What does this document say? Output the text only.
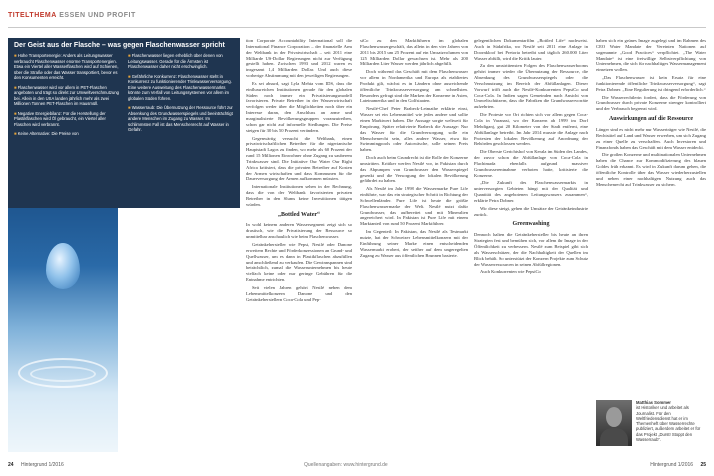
TITELTHEMA ESSEN UND PROFIT
Der Geist aus der Flasche – was gegen Flaschenwasser spricht

■ Hohe Transportenergie: Anders als Leitungswasser verbraucht Flaschenwasser enorme Transportenergien. Etwa ein Viertel aller Wasserflaschen wird auf Schienen, über die Straße oder das Wasser transportiert, bevor es den Konsumenten erreicht.

■ Flaschenwasser wird vor allem in PET-Flaschen angeboten und trägt so direkt zur Umweltverschmutzung bei. Allein in den USA landen jährlich mehr als zwei Millionen Tonnen PET-Flaschen im Hausmüll.

■ Negative Energiebilanz: Für die Herstellung der Plastikflaschen wird Öl gebraucht, ein Viertel aller Flaschen wird verbrannt.

■ Keine Alternative: Die Preise von

■ Flaschenwasser liegen erheblich über denen von Leitungswasser. Gerade für die Ärmsten ist Flaschenwasser daher nicht erschwinglich.

■ Gefährliche Konkurrenz: Flaschenwasser steht in Konkurrenz zu funktionierender Trinkwasserversorgung. Eine weitere Ausweitung des Flaschenwassermarkts könnte zum Verfall von Leitungssystemen vor allem im globalen Süden führen.

■ Wasserraub: Die Übernutzung der Ressource führt zur Absenkung des Grundwasserspiegels und beeinträchtigt andere Menschen im Zugang zu Wasser. Im schlimmsten Fall ist das Menschenrecht auf Wasser in Gefahr.

tion Corporate Accountability International soll die International Finance Corporation – der finanzielle Arm der Weltbank in der Privatwirtschaft – seit 2011 eine Milliarde US-Dollar Regierungen nicht zur Verfügung gestellt haben. Zwischen 1993 und 2012 waren es insgesamt 1,4 Milliarden Dollar. Und auch diese vorherige Abstimmung mit den jeweiligen Regierungen.

Es sei absurd, sagt Lyla Mehta vom IDS, dass die einflussreichen Institutionen gerade für den globalen Süden noch immer ein Privatisierungsmodell favorisieren. Private Betreiber in der Wasserwirtschaft verfolgen weder über die Möglichkeiten noch über ein Interesse daran, den Anschluss an arme und marginalisierte Bevölkerungsgruppen voranzutreiben, schon gar nicht auf informelle Siedlungen. Die Preise steigen für 30 bis 50 Prozent verändern.

Gegenwärtig versucht die Weltbank, einen privatwirtschaftlichen Betreiber für die nigerianische Hauptstadt Lagos zu finden, wo mehr als 60 Prozent der rund 15 Millionen Einwohner ohne Zugang zu sauberem Trinkwasser sind. Die Initiative Our Water Our Right Africa kritisiert, dass die privaten Betreiber auf Kosten der Armen wirtschaften und dass Kommunen für die Dauerversorgung der Armen aufkommen müssten.

Internationale Institutionen sehen in der Rechnung, dass die von der Weltbank favorisierten privaten Betreiber in den Slums keine Investitionen tätigen würden.

„Bottled Water“

In wohl keinem anderen Wassersegment zeigt sich so drastisch, wie die Privatisierung der Ressource so unmittelbar anschaulich wie beim Flaschenwasser.

Getränkehersteller wie Pepsi, Nestlé oder Danone erweitern Rechte und Förderkonzessionen an Grund- und Quellwasser, um es dann in Plastikflaschen abzufüllen und anschließend zu verkaufen. Die Gewinnspannen sind beträchtlich, zumal die Wasserunternehmen bis heute vielfach keine oder nur geringe Gebühren für die Entnahme entrichten.

Seit vielen Jahren gehört Nestlé neben dem Lebensmittelkonzern Danone und den Getränkeherstellern Coca-Cola und Pep-

siCo zu den Marktführern im globalen Flaschenwassergeschäft, das allein in den vier Jahren von 2011 bis 2015 um 25 Prozent auf ein Umsatzvolumen von 125 Milliarden Dollar gewachsen ist. Mehr als 200 Milliarden Liter Wasser werden jährlich abgefüllt.

Doch während das Geschäft mit dem Flaschenwasser vor allem in Nordamerika und Europa als etabliertes Produkt gilt, wächst es in Ländern ohne ausreichende öffentliche Trinkwasserversorgung am schnellsten. Besonders gefragt sind die Marken der Konzerne in Asien, Lateinamerika und in den Golfstaaten.

Nestlé-Chef Peter Brabeck-Letmathe erklärte einst, Wasser sei ein Lebensmittel wie jedes andere und sollte einen Marktwert haben. Die Aussage sorgte weltweit für Empörung. Später relativierte Brabeck die Aussage: Nur das Wasser für die Grundversorgung solle ein Menschenrecht sein, alles andere Wasser, etwa für Swimmingpools oder Autowäsche, solle seinen Preis haben.

Doch auch beim Grundrecht ist die Rolle der Konzerne umstritten. Kritiker werfen Nestlé vor, in Pakistan durch das Abpumpen von Grundwasser den Wasserspiegel gesenkt und die Versorgung der lokalen Bevölkerung gefährdet zu haben.

Als Nestlé im Jahr 1998 die Wassermarke Pure Life einführte, war das ein strategischer Schritt in Richtung der Schwellenländer. Pure Life ist heute die größte Flaschenwassermarke der Welt. Nestlé nutzt dafür Grundwasser, das aufbereitet und mit Mineralien angereichert wird. In Pakistan ist Pure Life mit einem Marktanteil von rund 50 Prozent Marktführer.

Im Gegenteil: In Pakistan, das Nestlé als Testmarkt nutzte, hat der Schweizer Lebensmittelkonzern mit der Einführung seiner Marke einen entscheidenden Wassermarkt erobert, der seither auf dem ungeregelten Zugang zu Wasser aus öffentlichen Brunnen basierte.

gelegentlichen Dokumentarfilm „Bottled Life“ nachweist. Auch in Südafrika, wo Nestlé seit 2011 eine Anlage in Doornkloof bei Pretoria betreibt und täglich 260.000 Liter Wasser abfüllt, wird die Kritik lauter.

Zu den umstrittensten Folgen des Flaschenwasserbooms gehört immer wieder die Übernutzung der Ressource, die Absenkung des Grundwasserspiegels oder die Verschmutzung im Bereich der Abfüllanlagen. Dieser Vorwurf trifft auch die Nestlé-Konkurrenten PepsiCo und Coca-Cola. In Indien sagen Gemeinden nach Ansicht von Umweltschützern, dass die Fabriken die Grundwasservorräte aufzehrten.

Die Proteste vor Ort richten sich vor allem gegen Coca-Cola in Varanasi, wo der Konzern ab 1999 im Dorf Mehdiganj, gut 20 Kilometer von der Stadt entfernt, eine Abfüllanlage betreibt. Im Jahr 2014 musste die Anlage nach Protesten der lokalen Bevölkerung auf Anordnung der Behörden geschlossen werden.

Die Oberste Gerichtshof von Kerala im Süden des Landes, der zuvor schon die Abfüllanlage von Coca-Cola in Plachimada ebenfalls aufgrund massiver Grundwasserentnahme verboten hatte, kritisierte die Konzerne.

„Die Zukunft des Flaschenwassermarkts in unterversorgten Gebieten hängt mit der Qualität und Quantität des angebotenen Leitungswassers zusammen“, erklärte Petra Dobner.

Wir diese steigt, gehen die Umsätze der Getränkeindustrie zurück.

Greenwashing

Dennoch halten die Getränkehersteller bis heute an ihren Strategien fest und bemühen sich, vor allem ihr Image in der Öffentlichkeit zu verbessern. Nestlé zum Beispiel gibt sich als Wasserschützer, der die Nachhaltigkeit der Quellen im Blick behält. So unterstützt der Konzern Projekte zum Schutz der Wasserressourcen in seinen Abfüllregionen.

Auch Konkurrenten wie PepsiCo

haben sich ein grünes Image zugelegt und im Rahmen des CEO Water Mandate der Vereinten Nationen auf sogenannte „Good Practices“ verpflichtet. „The Water Mandate“ ist eine freiwillige Selbstverpflichtung von Unternehmen, die sich für nachhaltiges Wassermanagement einsetzen wollen.

„Das Flaschenwasser ist kein Ersatz für eine funktionierende öffentliche Trinkwasserversorgung“, sagt Petra Dobner. „Eine Regulierung ist dringend erforderlich.“

Die Wasserrechtlerin fordert, dass die Förderung von Grundwasser durch private Konzerne strenger kontrolliert und der Verbrauch begrenzt wird.

Auswirkungen auf die Ressource

Länger sind es nicht mehr nur Wasserträger wie Nestlé, die Rechtstitel auf Land und Wasser erwerben, um sich Zugang zu einer Quelle zu verschaffen. Auch Investoren und Finanzfonds haben das Geschäft mit dem Wasser entdeckt.

Die großen Konzerne und multinationalen Unternehmen haben die Chance zur Kommodifizierung des blauen Goldes früh erkannt. Es wird in Zukunft darum gehen, die öffentliche Kontrolle über das Wasser wiederherzustellen und neben einer nachhaltigen Nutzung auch das Menschenrecht auf Trinkwasser zu sichern.

Matthias Sommer
ist Historiker und arbeitet als Journalist. Für den Weltfriedensdienst hat er im Themenheft über Wasserrechte publiziert, außerdem arbeitet er für das Projekt „Durst! Stoppt den Wasserraub“.
24 Hintergrund 1/2016	Quellenangaben: www.hintergrund.de	Hintergrund 1/2016 25
